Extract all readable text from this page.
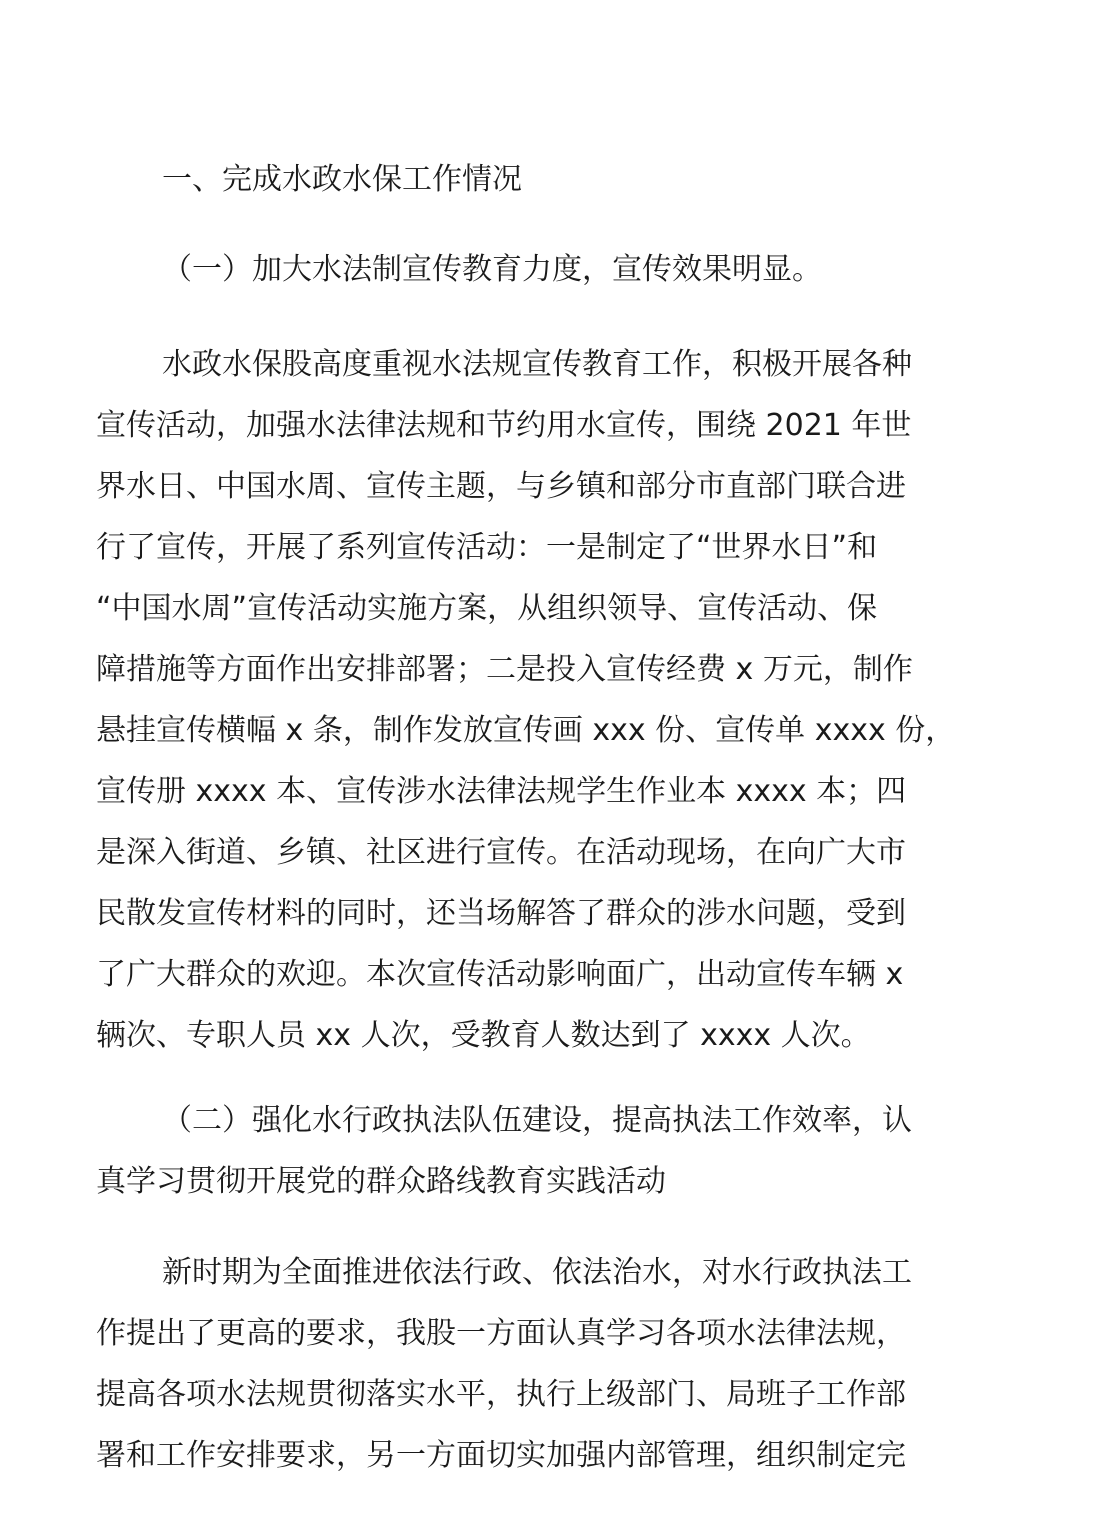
一、完成水政水保工作情况

（一）加大水法制宣传教育力度，宣传效果明显。

水政水保股高度重视水法规宣传教育工作，积极开展各种
宣传活动，加强水法律法规和节约用水宣传，围绕 2021 年世
界水日、中国水周、宣传主题，与乡镇和部分市直部门联合进
行了宣传，开展了系列宣传活动：一是制定了“世界水日”和
“中国水周”宣传活动实施方案，从组织领导、宣传活动、保
障措施等方面作出安排部署；二是投入宣传经费 x 万元，制作
悬挂宣传横幅 x 条，制作发放宣传画 xxx 份、宣传单 xxxx 份，
宣传册 xxxx 本、宣传涉水法律法规学生作业本 xxxx 本；四
是深入街道、乡镇、社区进行宣传。在活动现场，在向广大市
民散发宣传材料的同时，还当场解答了群众的涉水问题，受到
了广大群众的欢迎。本次宣传活动影响面广，出动宣传车辆 x
辆次、专职人员 xx 人次，受教育人数达到了 xxxx 人次。
（二）强化水行政执法队伍建设，提高执法工作效率，认
真学习贯彻开展党的群众路线教育实践活动
新时期为全面推进依法行政、依法治水，对水行政执法工
作提出了更高的要求，我股一方面认真学习各项水法律法规，
提高各项水法规贯彻落实水平，执行上级部门、局班子工作部
署和工作安排要求，另一方面切实加强内部管理，组织制定完
